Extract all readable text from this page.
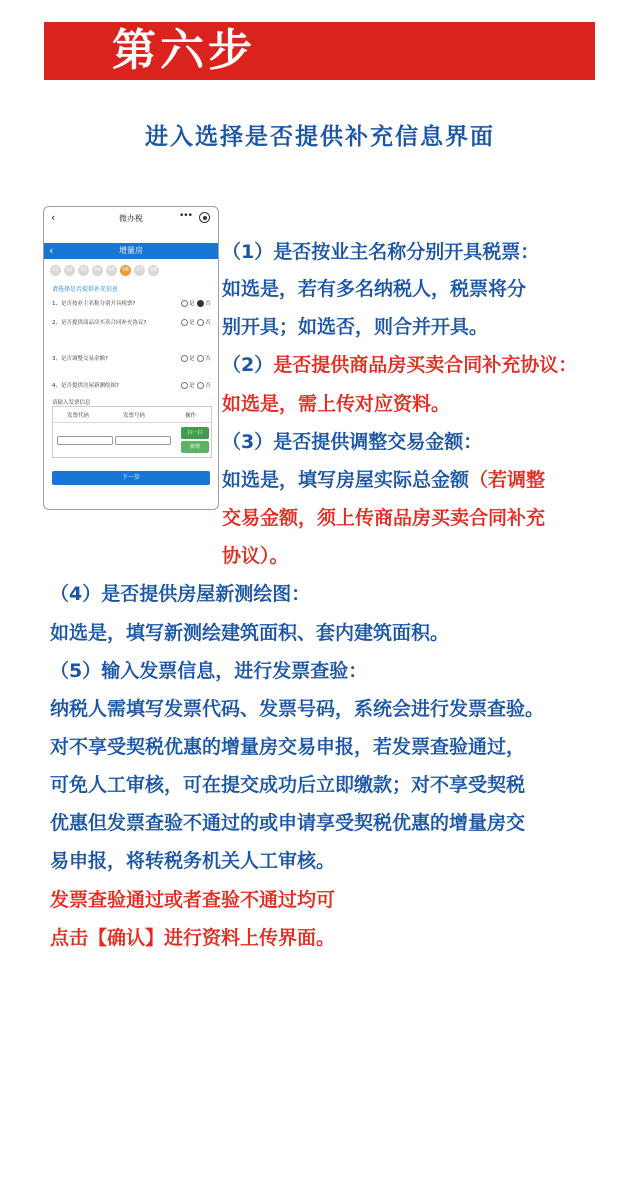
第六步
进入选择是否提供补充信息界面
‹	微办税	•••
‹	增量房
01	02	03	04	05	06	07	08
请选择是否提供补充信息
1、是否按业主名称分别开具税票?	是 否
2、是否提供商品房买卖合同补充协议?	是 否
3、是否调整交易金额?	是 否
4、是否提供房屋新测绘图?	是 否
请输入发票信息
发票代码	发票号码	操作
扫一扫
新增
下一步
（1）是否按业主名称分别开具税票：
如选是，若有多名纳税人，税票将分
别开具；如选否，则合并开具。
（2）是否提供商品房买卖合同补充协议：
如选是，需上传对应资料。
（3）是否提供调整交易金额：
如选是，填写房屋实际总金额（若调整
交易金额，须上传商品房买卖合同补充
协议）。
（4）是否提供房屋新测绘图：
如选是，填写新测绘建筑面积、套内建筑面积。
（5）输入发票信息，进行发票查验：
纳税人需填写发票代码、发票号码，系统会进行发票查验。
对不享受契税优惠的增量房交易申报，若发票查验通过，
可免人工审核，可在提交成功后立即缴款；对不享受契税
优惠但发票查验不通过的或申请享受契税优惠的增量房交
易申报，将转税务机关人工审核。
发票查验通过或者查验不通过均可
点击【确认】进行资料上传界面。
